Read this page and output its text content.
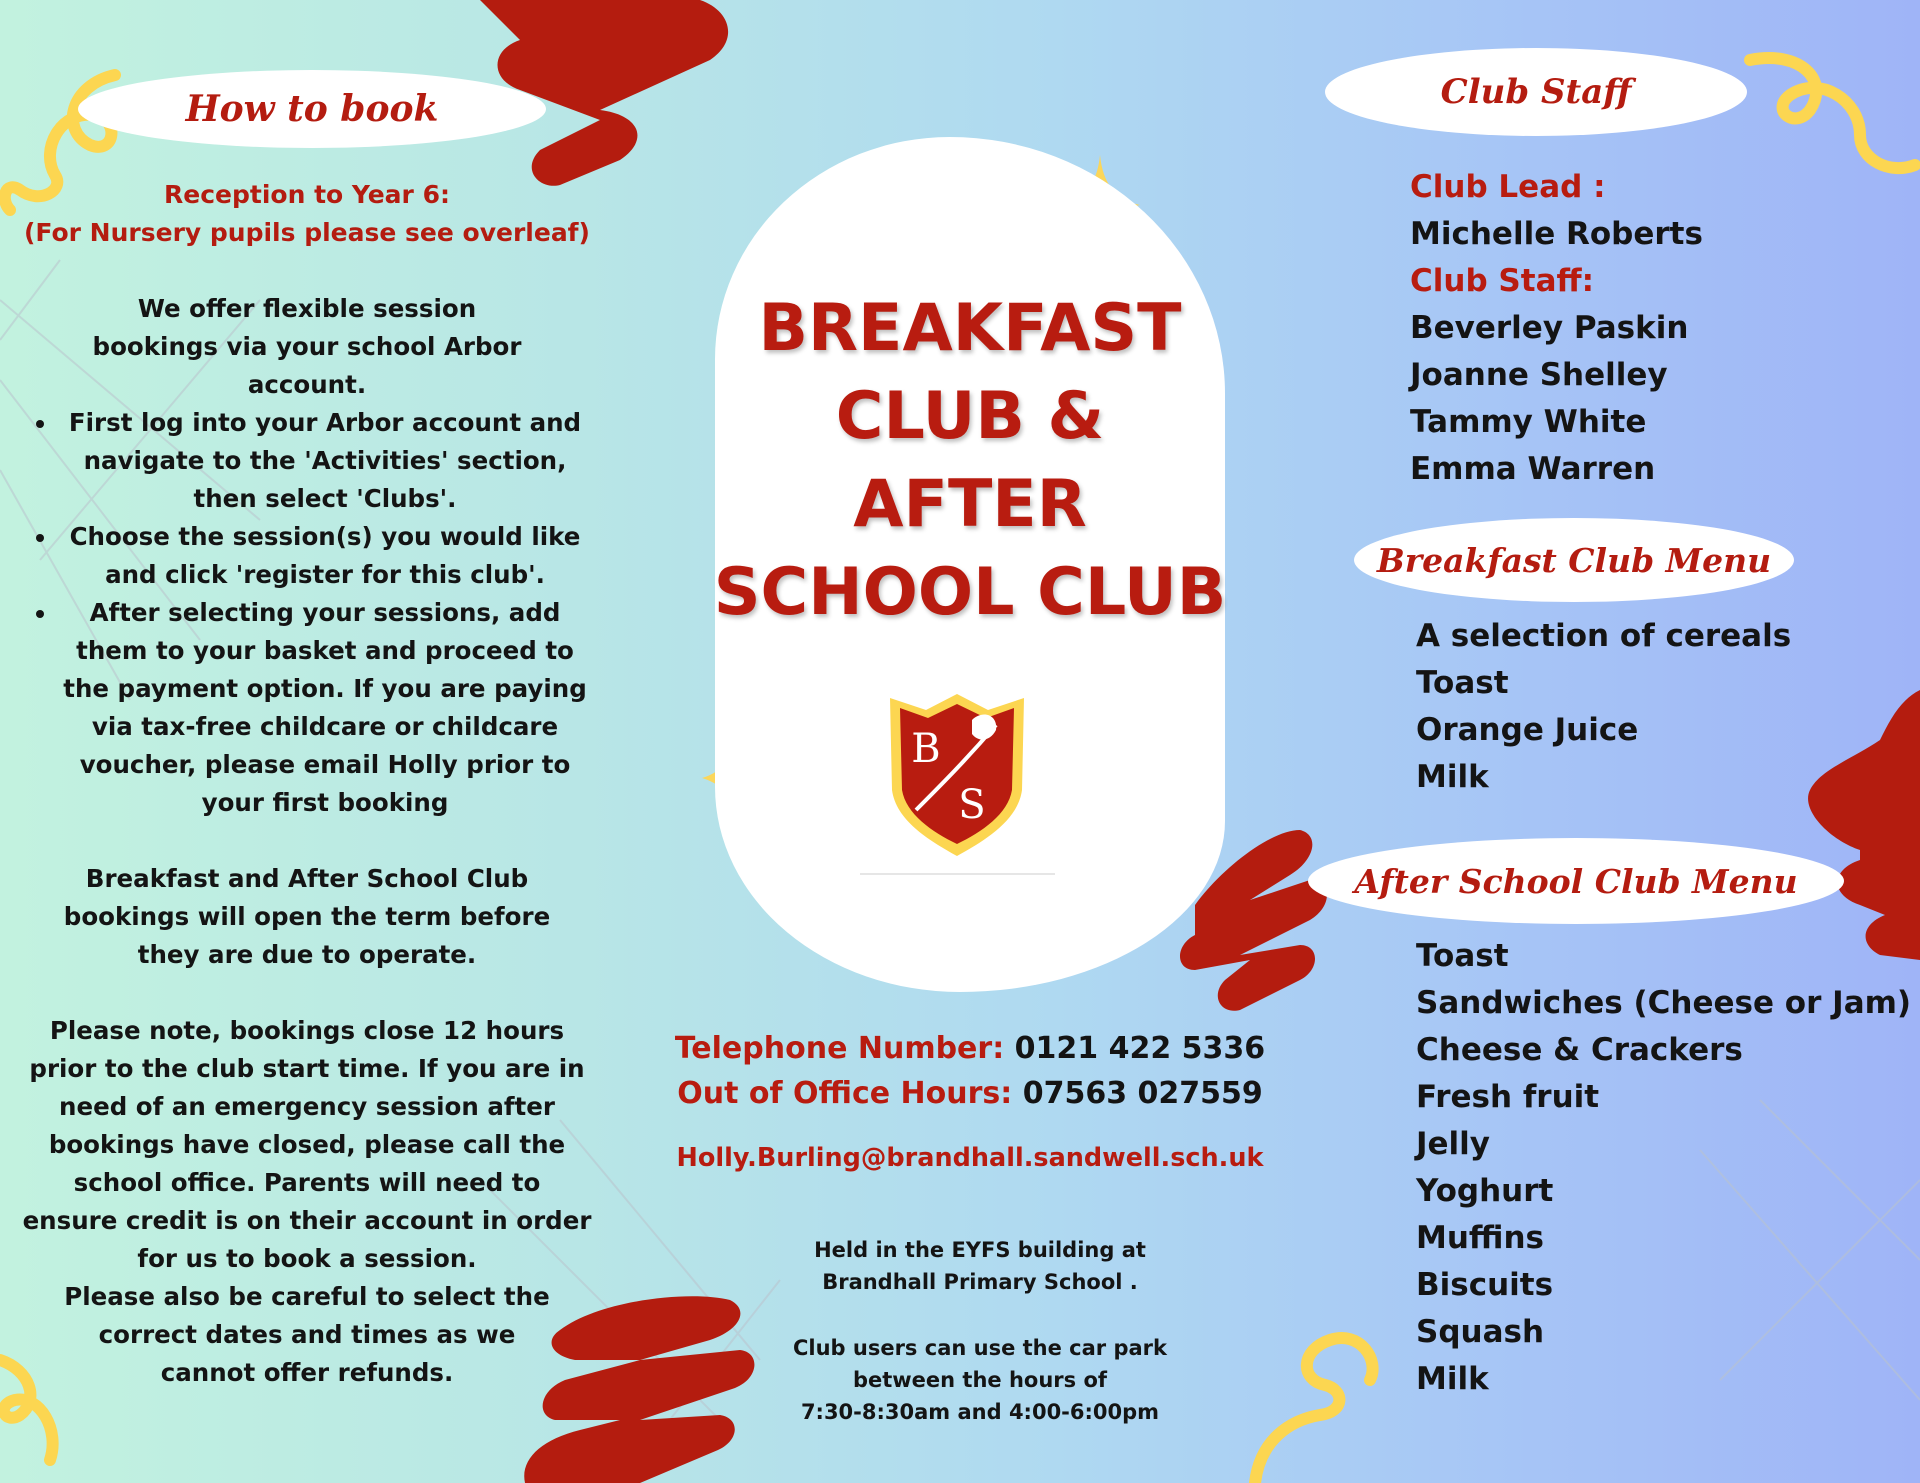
How to book

Reception to Year 6:

(For Nursery pupils please see overleaf)

We offer flexible session bookings via your school Arbor account.

• First log into your Arbor account and navigate to the 'Activities' section, then select 'Clubs'.
• Choose the session(s) you would like and click 'register for this club'.
• After selecting your sessions, add them to your basket and proceed to the payment option. If you are paying via tax-free childcare or childcare voucher, please email Holly prior to your first booking

Breakfast and After School Club bookings will open the term before they are due to operate.

Please note, bookings close 12 hours prior to the club start time. If you are in need of an emergency session after bookings have closed, please call the school office. Parents will need to ensure credit is on their account in order for us to book a session.

Please also be careful to select the correct dates and times as we cannot offer refunds.

BREAKFAST
CLUB &
AFTER
SCHOOL CLUB
B
S
Telephone Number: 0121 422 5336
Out of Office Hours: 07563 027559
Holly.Burling@brandhall.sandwell.sch.uk

Held in the EYFS building at

Brandhall Primary School .

Club users can use the car park

between the hours of

7:30-8:30am and 4:00-6:00pm

Club Staff
Club Lead :
Michelle Roberts
Club Staff:
Beverley Paskin
Joanne Shelley
Tammy White
Emma Warren
Breakfast Club Menu
A selection of cereals
Toast
Orange Juice
Milk
After School Club Menu
Toast
Sandwiches (Cheese or Jam)
Cheese & Crackers
Fresh fruit
Jelly
Yoghurt
Muffins
Biscuits
Squash
Milk
